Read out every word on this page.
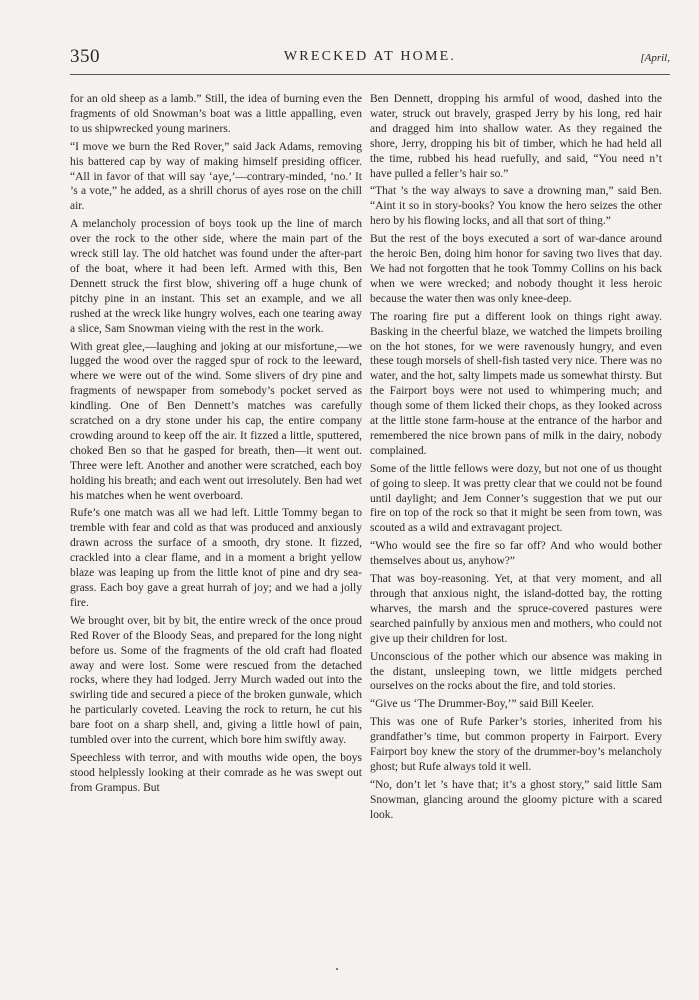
350	WRECKED AT HOME.	[April,

for an old sheep as a lamb.” Still, the idea of burning even the fragments of old Snowman’s boat was a little appalling, even to us shipwrecked young mariners.

“I move we burn the Red Rover,” said Jack Adams, removing his battered cap by way of making himself presiding officer. “All in favor of that will say ‘aye,’—contrary-minded, ‘no.’ It ’s a vote,” he added, as a shrill chorus of ayes rose on the chill air.

A melancholy procession of boys took up the line of march over the rock to the other side, where the main part of the wreck still lay. The old hatchet was found under the after-part of the boat, where it had been left. Armed with this, Ben Dennett struck the first blow, shivering off a huge chunk of pitchy pine in an instant. This set an example, and we all rushed at the wreck like hungry wolves, each one tearing away a slice, Sam Snowman vieing with the rest in the work.

With great glee,—laughing and joking at our misfortune,—we lugged the wood over the ragged spur of rock to the leeward, where we were out of the wind. Some slivers of dry pine and fragments of newspaper from somebody’s pocket served as kindling. One of Ben Dennett’s matches was carefully scratched on a dry stone under his cap, the entire company crowding around to keep off the air. It fizzed a little, sputtered, choked Ben so that he gasped for breath, then—it went out. Three were left. Another and another were scratched, each boy holding his breath; and each went out irresolutely. Ben had wet his matches when he went overboard.

Rufe’s one match was all we had left. Little Tommy began to tremble with fear and cold as that was produced and anxiously drawn across the surface of a smooth, dry stone. It fizzed, crackled into a clear flame, and in a moment a bright yellow blaze was leaping up from the little knot of pine and dry sea-grass. Each boy gave a great hurrah of joy; and we had a jolly fire.

We brought over, bit by bit, the entire wreck of the once proud Red Rover of the Bloody Seas, and prepared for the long night before us. Some of the fragments of the old craft had floated away and were lost. Some were rescued from the detached rocks, where they had lodged. Jerry Murch waded out into the swirling tide and secured a piece of the broken gunwale, which he particularly coveted. Leaving the rock to return, he cut his bare foot on a sharp shell, and, giving a little howl of pain, tumbled over into the current, which bore him swiftly away.

Speechless with terror, and with mouths wide open, the boys stood helplessly looking at their comrade as he was swept out from Grampus. But

Ben Dennett, dropping his armful of wood, dashed into the water, struck out bravely, grasped Jerry by his long, red hair and dragged him into shallow water. As they regained the shore, Jerry, dropping his bit of timber, which he had held all the time, rubbed his head ruefully, and said, “You need n’t have pulled a feller’s hair so.”

“That ’s the way always to save a drowning man,” said Ben. “Aint it so in story-books? You know the hero seizes the other hero by his flowing locks, and all that sort of thing.”

But the rest of the boys executed a sort of war-dance around the heroic Ben, doing him honor for saving two lives that day. We had not forgotten that he took Tommy Collins on his back when we were wrecked; and nobody thought it less heroic because the water then was only knee-deep.

The roaring fire put a different look on things right away. Basking in the cheerful blaze, we watched the limpets broiling on the hot stones, for we were ravenously hungry, and even these tough morsels of shell-fish tasted very nice. There was no water, and the hot, salty limpets made us somewhat thirsty. But the Fairport boys were not used to whimpering much; and though some of them licked their chops, as they looked across at the little stone farm-house at the entrance of the harbor and remembered the nice brown pans of milk in the dairy, nobody complained.

Some of the little fellows were dozy, but not one of us thought of going to sleep. It was pretty clear that we could not be found until daylight; and Jem Conner’s suggestion that we put our fire on top of the rock so that it might be seen from town, was scouted as a wild and extravagant project.

“Who would see the fire so far off? And who would bother themselves about us, anyhow?”

That was boy-reasoning. Yet, at that very moment, and all through that anxious night, the island-dotted bay, the rotting wharves, the marsh and the spruce-covered pastures were searched painfully by anxious men and mothers, who could not give up their children for lost.

Unconscious of the pother which our absence was making in the distant, unsleeping town, we little midgets perched ourselves on the rocks about the fire, and told stories.

“Give us ‘The Drummer-Boy,’” said Bill Keeler.

This was one of Rufe Parker’s stories, inherited from his grandfather’s time, but common property in Fairport. Every Fairport boy knew the story of the drummer-boy’s melancholy ghost; but Rufe always told it well.

“No, don’t let ’s have that; it’s a ghost story,” said little Sam Snowman, glancing around the gloomy picture with a scared look.
